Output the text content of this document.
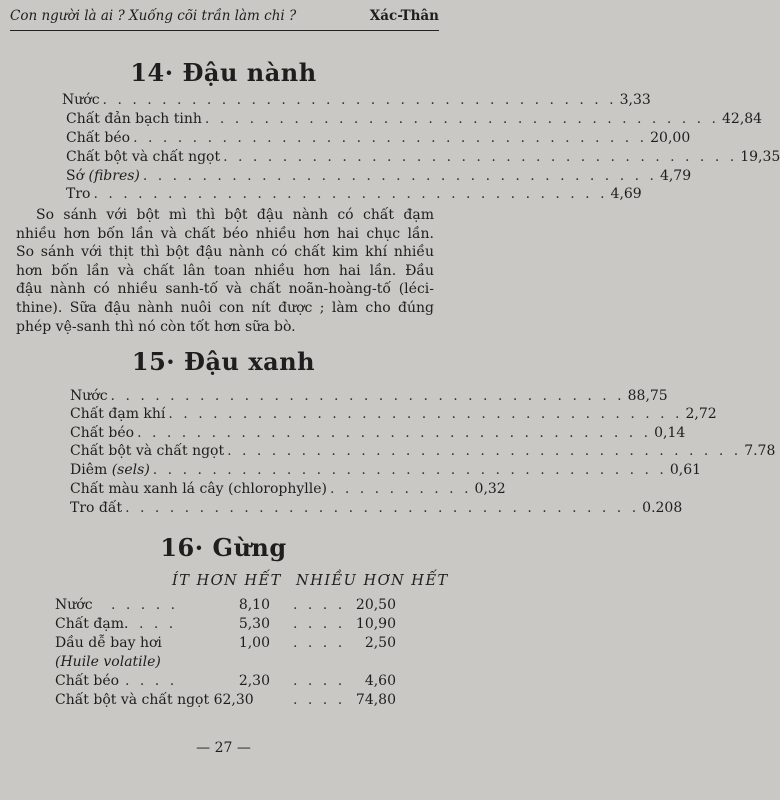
Con người là ai ? Xuống cõi trần làm chi ?	Xác-Thân
14· Đậu nành
Nước . . . . . . . . . . . . . . . . . . . . . . . . . . . . . . . . . . . 3,33
Chất đản bạch tinh . . . . . . . . . . . . . . . . . . . . . . . . . . . . . . . . . . . 42,84
Chất béo . . . . . . . . . . . . . . . . . . . . . . . . . . . . . . . . . . . 20,00
Chất bột và chất ngọt . . . . . . . . . . . . . . . . . . . . . . . . . . . . . . . . . . . 19,35
Sớ (fibres) . . . . . . . . . . . . . . . . . . . . . . . . . . . . . . . . . . . 4,79
Tro . . . . . . . . . . . . . . . . . . . . . . . . . . . . . . . . . . . 4,69
So sánh với bột mì thì bột đậu nành có chất đạm
nhiều hơn bốn lần và chất béo nhiều hơn hai chục lần.
So sánh với thịt thì bột đậu nành có chất kim khí nhiều
hơn bốn lần và chất lân toan nhiều hơn hai lần. Đầu
đậu nành có nhiều sanh-tố và chất noãn-hoàng-tố (léci-
thine). Sữa đậu nành nuôi con nít được ; làm cho đúng
phép vệ-sanh thì nó còn tốt hơn sữa bò.
15· Đậu xanh
Nước . . . . . . . . . . . . . . . . . . . . . . . . . . . . . . . . . . . 88,75
Chất đạm khí . . . . . . . . . . . . . . . . . . . . . . . . . . . . . . . . . . . 2,72
Chất béo . . . . . . . . . . . . . . . . . . . . . . . . . . . . . . . . . . . 0,14
Chất bột và chất ngọt . . . . . . . . . . . . . . . . . . . . . . . . . . . . . . . . . . . 7.78
Diêm (sels) . . . . . . . . . . . . . . . . . . . . . . . . . . . . . . . . . . . 0,61
Chất màu xanh lá cây (chlorophylle) . . . . . . . . . . 0,32
Tro đất . . . . . . . . . . . . . . . . . . . . . . . . . . . . . . . . . . . 0.208
16· Gừng
ÍT HƠN HẾT NHIỀU HƠN HẾT
Nước . . . . .	8,10 . . . . 20,50
Chất đạm. . . .	5,30 . . . . 10,90
Dầu dễ bay hơi	1,00 . . . .	2,50
(Huile volatile)
Chất béo . . . .	2,30 . . . .	4,60
Chất bột và chất ngọt 62,30	. . . . 74,80
— 27 —
